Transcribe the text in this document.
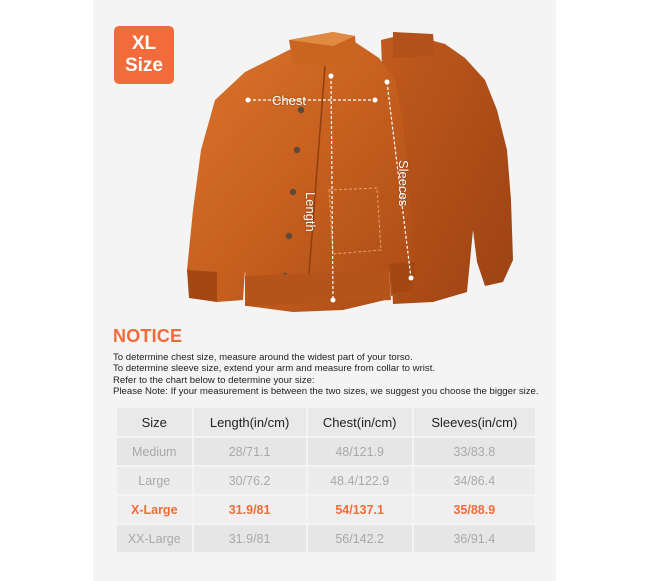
XL
Size
Chest
Length
Sleeces
NOTICE
To determine chest size, measure around the widest part of your torso.
To determine sleeve size, extend your arm and measure from collar to wrist.
Refer to the chart below to determine your size:
Please Note: If your measurement is between the two sizes, we suggest you choose the bigger size.
Size	Length(in/cm)	Chest(in/cm)	Sleeves(in/cm)
Medium	28/71.1	48/121.9	33/83.8
Large	30/76.2	48.4/122.9	34/86.4
X-Large	31.9/81	54/137.1	35/88.9
XX-Large	31.9/81	56/142.2	36/91.4
